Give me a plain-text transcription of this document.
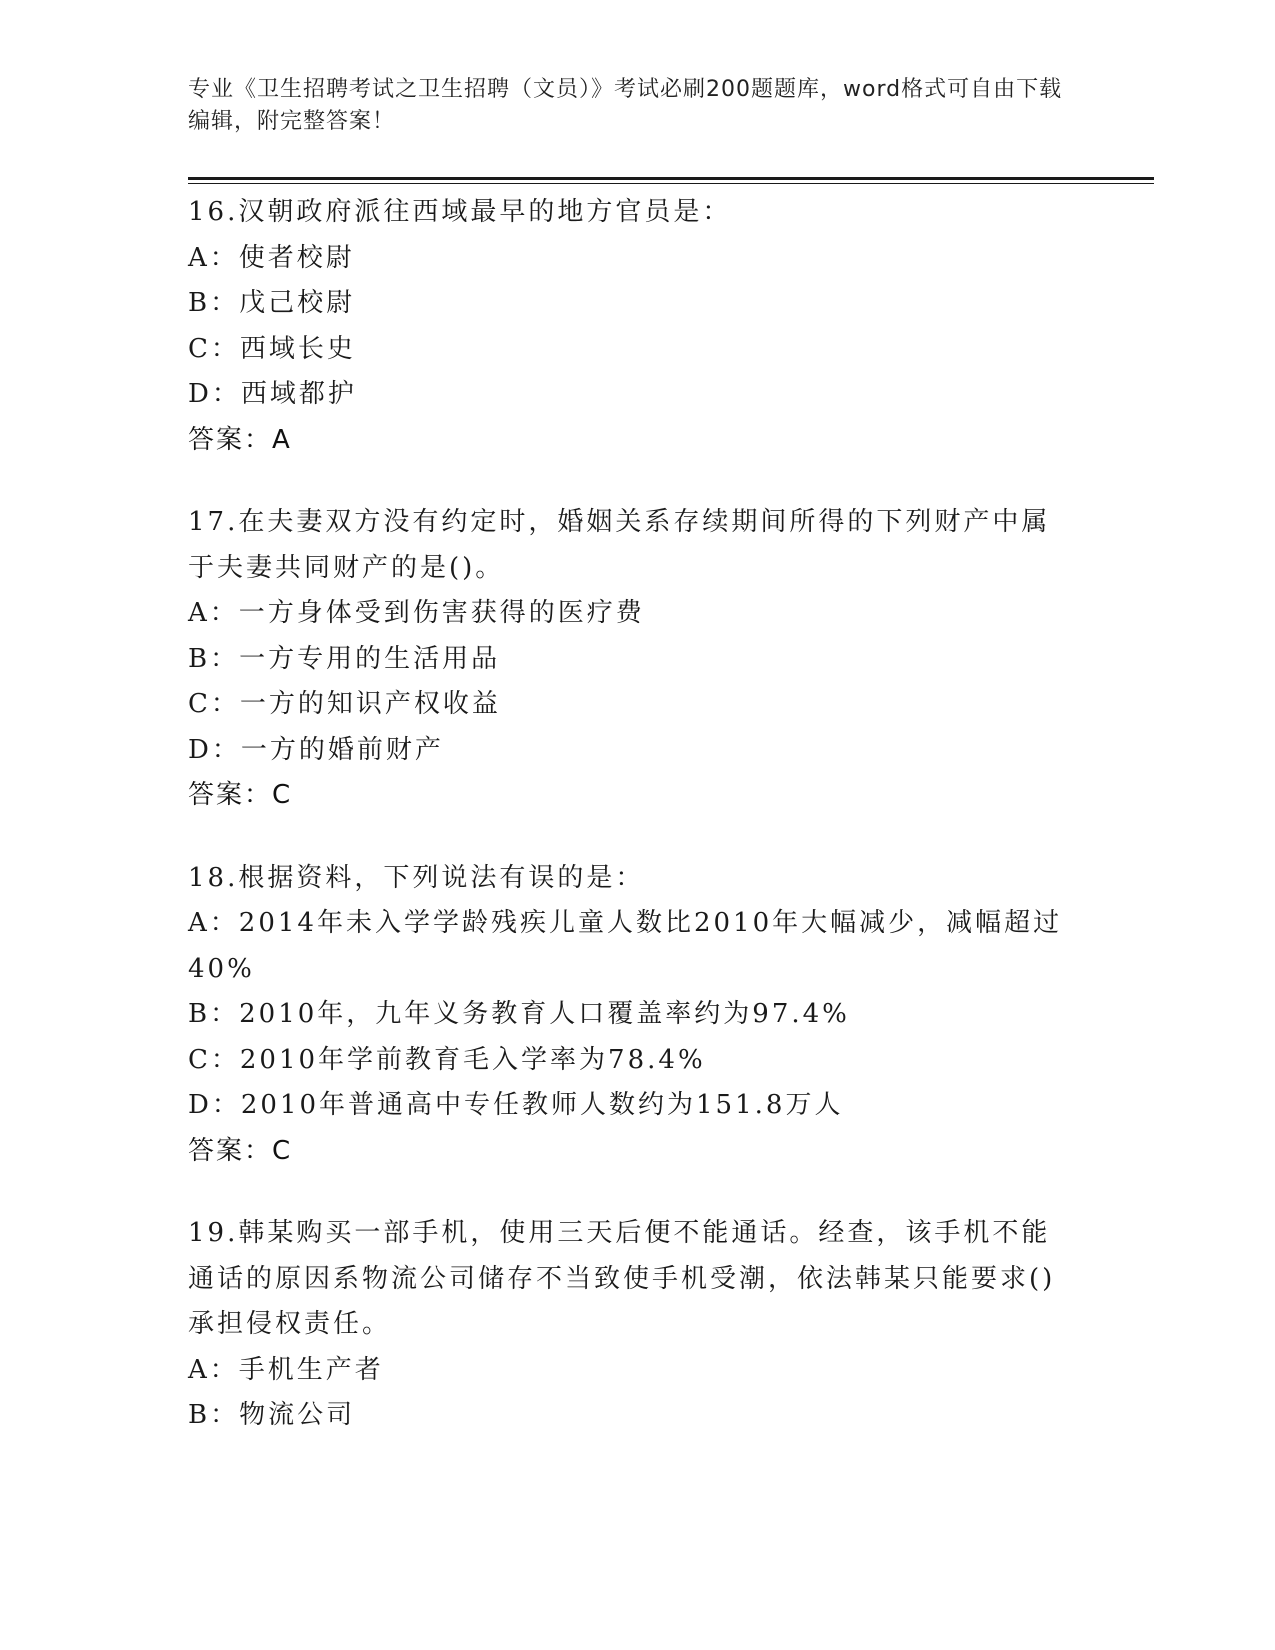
专业《卫生招聘考试之卫生招聘（文员）》考试必刷200题题库，word格式可自由下载编辑，附完整答案！
16.汉朝政府派往西域最早的地方官员是：
A：使者校尉
B：戊己校尉
C：西域长史
D：西域都护
答案：A
17.在夫妻双方没有约定时，婚姻关系存续期间所得的下列财产中属于夫妻共同财产的是()。
A：一方身体受到伤害获得的医疗费
B：一方专用的生活用品
C：一方的知识产权收益
D：一方的婚前财产
答案：C
18.根据资料，下列说法有误的是：
A：2014年未入学学龄残疾儿童人数比2010年大幅减少，减幅超过40%
B：2010年，九年义务教育人口覆盖率约为97.4%
C：2010年学前教育毛入学率为78.4%
D：2010年普通高中专任教师人数约为151.8万人
答案：C
19.韩某购买一部手机，使用三天后便不能通话。经查，该手机不能通话的原因系物流公司储存不当致使手机受潮，依法韩某只能要求()承担侵权责任。
A：手机生产者
B：物流公司
